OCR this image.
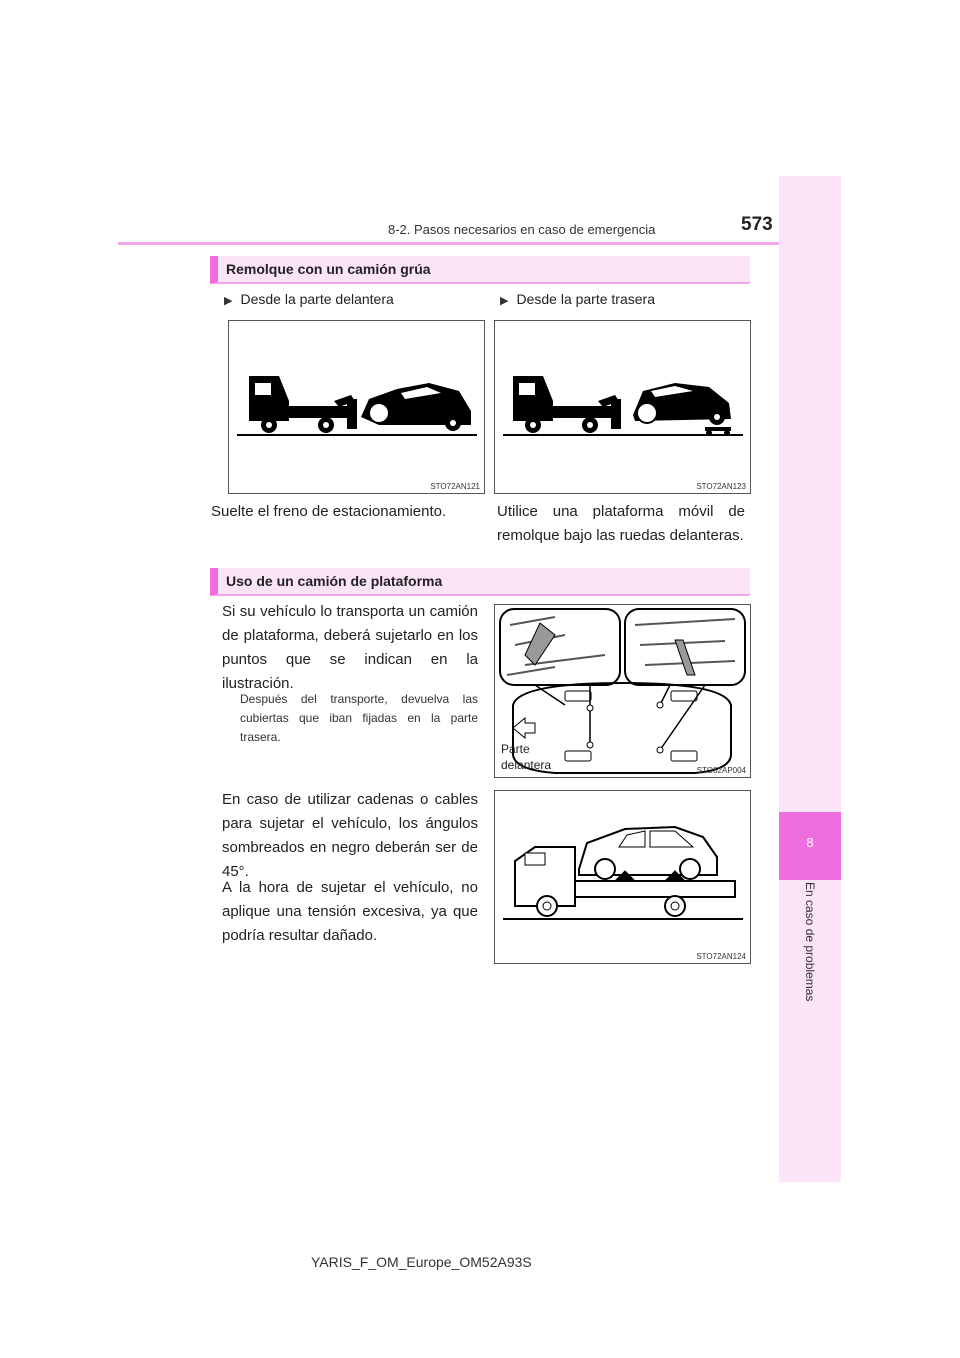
8-2. Pasos necesarios en caso de emergencia	573
8
En caso de problemas
Remolque con un camión grúa
▶ Desde la parte delantera	▶ Desde la parte trasera
STO72AN121	STO72AN123
Suelte el freno de estacionamiento.	Utilice una plataforma móvil de remolque bajo las ruedas delanteras.
Uso de un camión de plataforma
Si su vehículo lo transporta un camión de plataforma, deberá sujetarlo en los puntos que se indican en la ilustración.
Después del transporte, devuelva las cubiertas que iban fijadas en la parte trasera.
Parte
delantera	STO82AP004
En caso de utilizar cadenas o cables para sujetar el vehículo, los ángulos sombreados en negro deberán ser de 45°.
A la hora de sujetar el vehículo, no aplique una tensión excesiva, ya que podría resultar dañado.
STO72AN124
YARIS_F_OM_Europe_OM52A93S
